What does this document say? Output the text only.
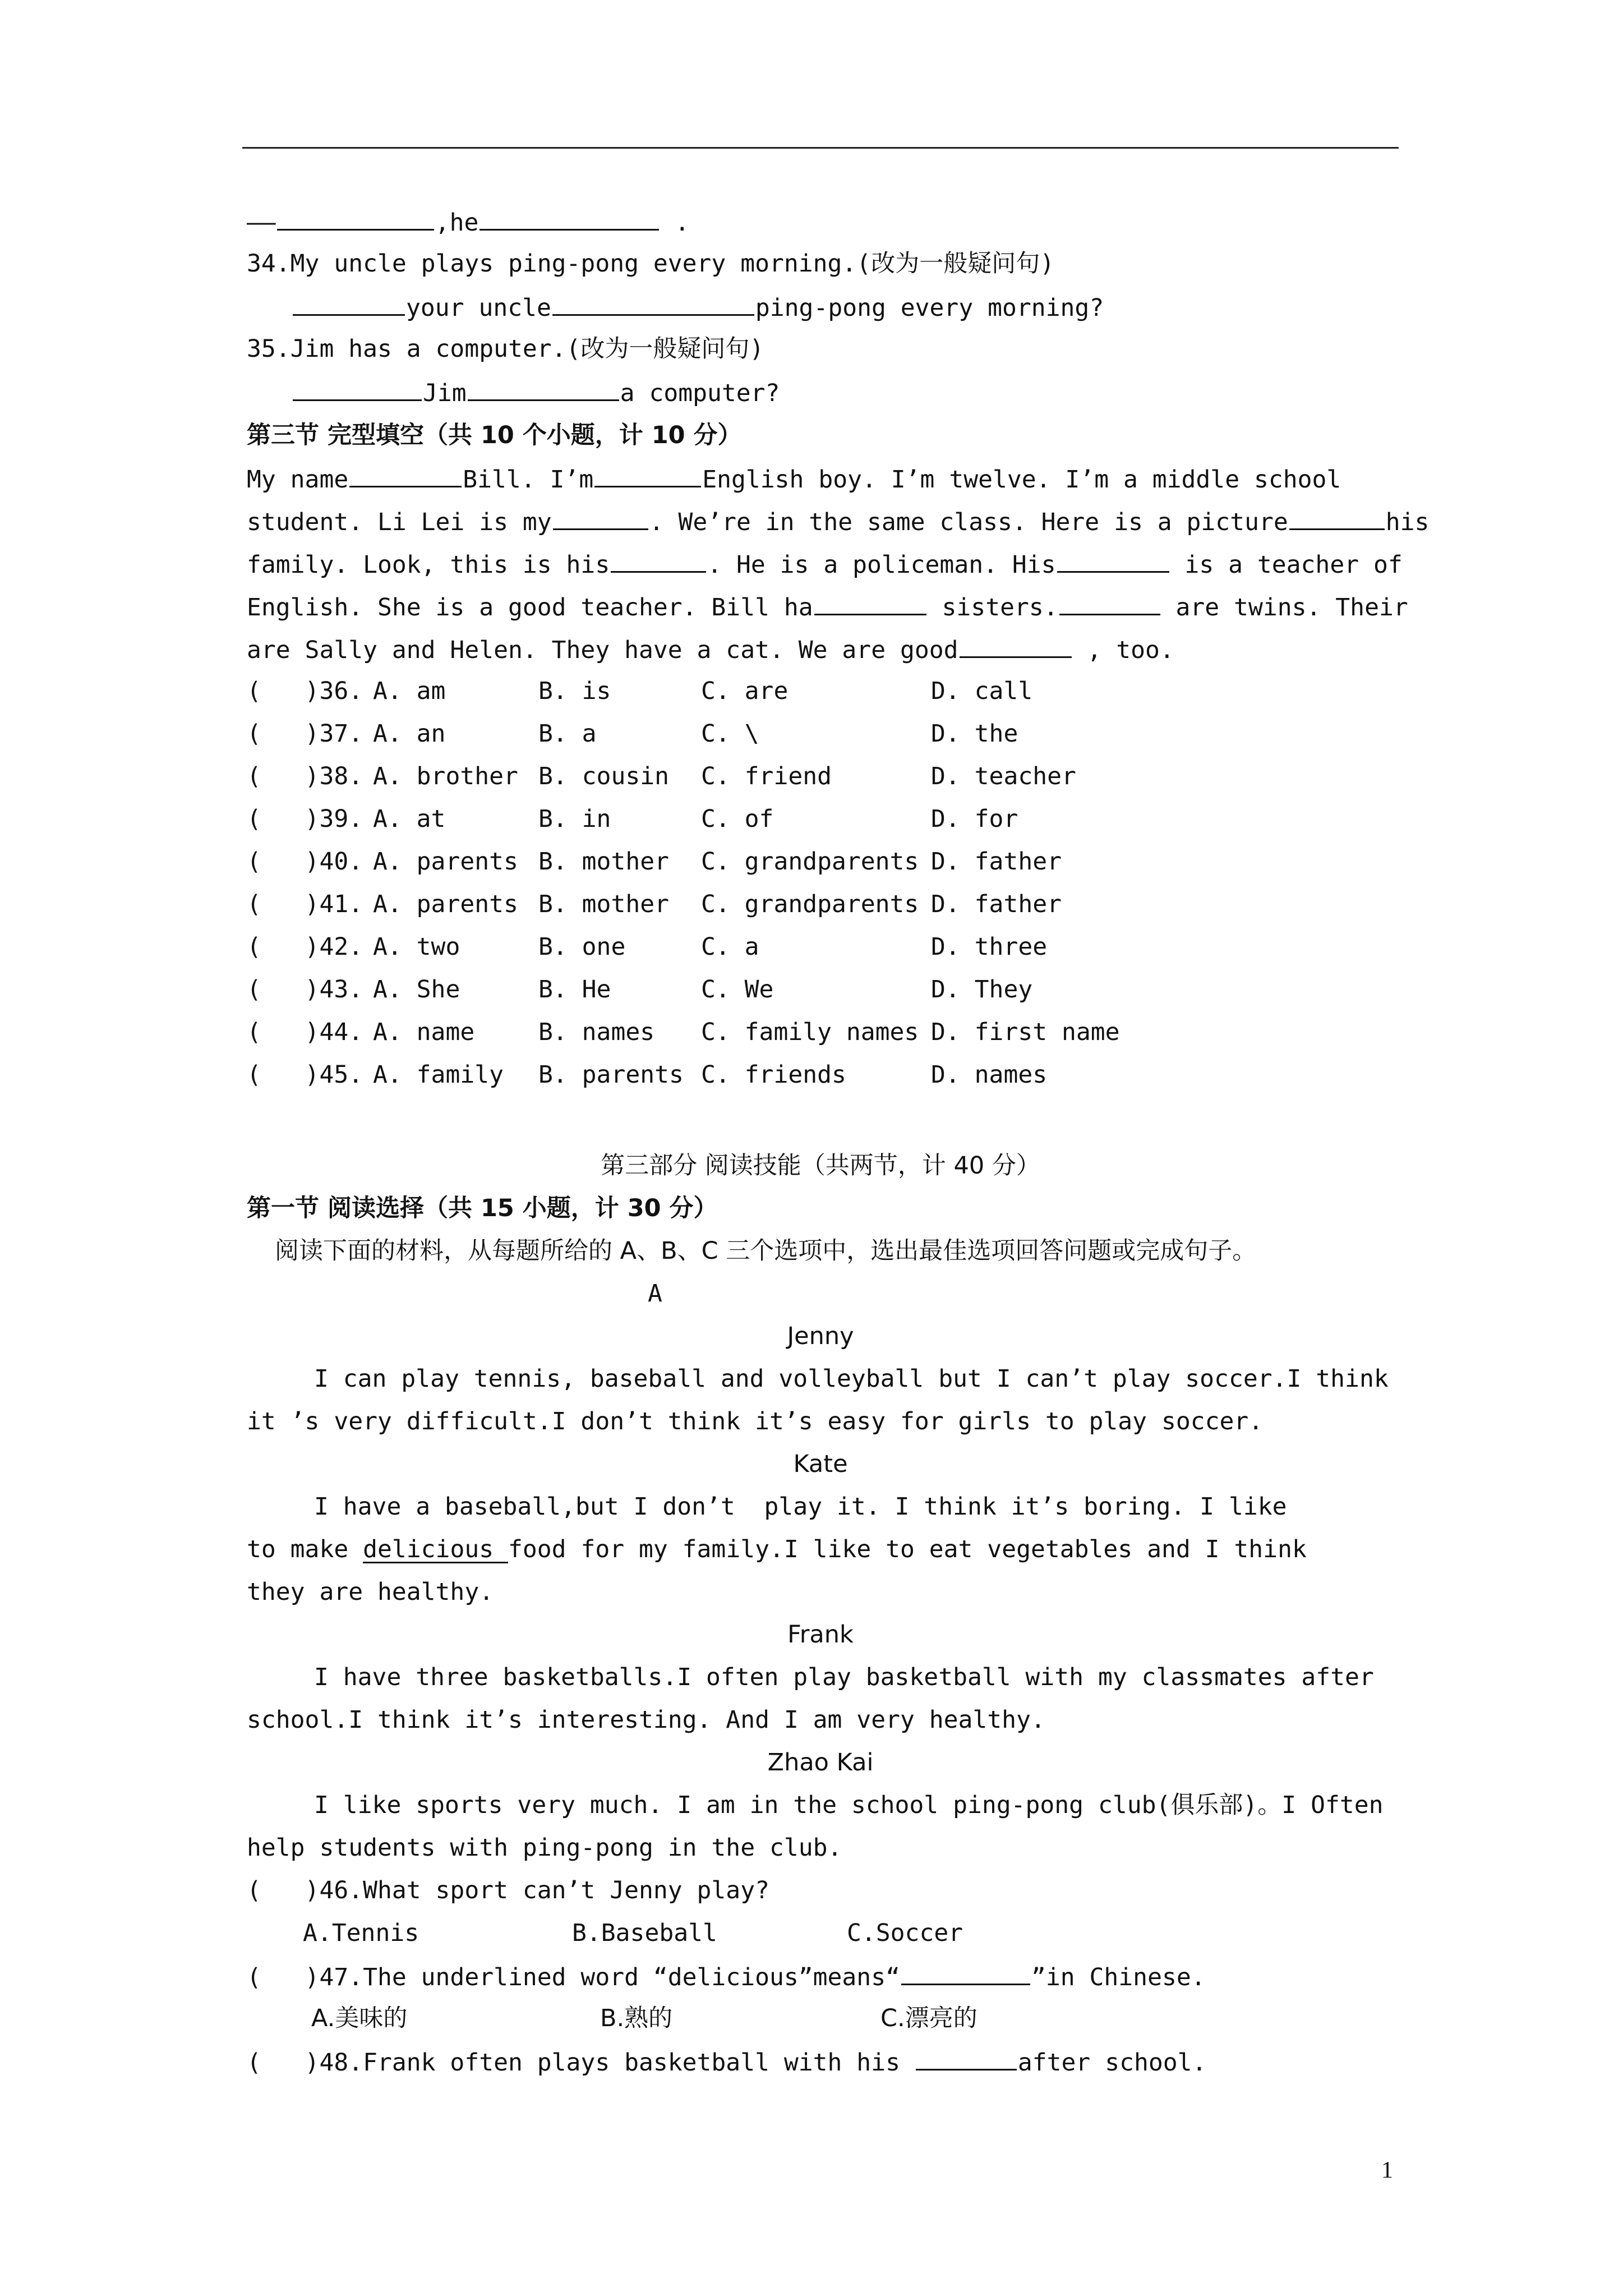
——	,he	.
34.My uncle plays ping-pong every morning.(改为一般疑问句)
your uncle	ping-pong every morning?
35.Jim has a computer.(改为一般疑问句)
Jim	a computer?
第三节 完型填空（共 10 个小题，计 10 分）
My name	Bill. I’m	English boy. I’m twelve. I’m a middle school
student. Li Lei is my	. We’re in the same class. Here is a picture	his
family. Look, this is his	. He is a policeman. His	is a teacher of
English. She is a good teacher. Bill ha	sisters.	are twins. Their
are Sally and Helen. They have a cat. We are good	, too.
(   )36. A. am	B. is	C. are	D. call
(   )37. A. an	B. a	C. \	D. the
(   )38. A. brother B. cousin C. friend	D. teacher
(   )39. A. at	B. in	C. of	D. for
(   )40. A. parents B. mother C. grandparents D. father
(   )41. A. parents B. mother C. grandparents D. father
(   )42. A. two	B. one	C. a	D. three
(   )43. A. She	B. He	C. We	D. They
(   )44. A. name	B. names C. family names D. first name
(   )45. A. family B. parents C. friends	D. names
第三部分 阅读技能（共两节，计 40 分）
第一节 阅读选择（共 15 小题，计 30 分）
阅读下面的材料，从每题所给的 A、B、C 三个选项中，选出最佳选项回答问题或完成句子。
A
Jenny
I can play tennis, baseball and volleyball but I can’t play soccer.I think
it ’s very difficult.I don’t think it’s easy for girls to play soccer.
Kate
I have a baseball,but I don’t  play it. I think it’s boring. I like
to make delicious food for my family.I like to eat vegetables and I think
they are healthy.
Frank
I have three basketballs.I often play basketball with my classmates after
school.I think it’s interesting. And I am very healthy.
Zhao Kai
I like sports very much. I am in the school ping-pong club(俱乐部)。I Often
help students with ping-pong in the club.
(   )46.What sport can’t Jenny play?
A.Tennis	B.Baseball	C.Soccer
(   )47.The underlined word “delicious”means“	”in Chinese.
A.美味的	B.熟的	C.漂亮的
(   )48.Frank often plays basketball with his	after school.
1
